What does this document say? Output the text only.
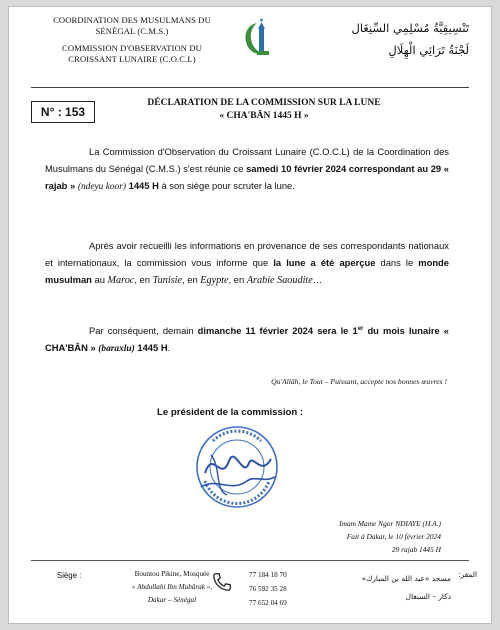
COORDINATION DES MUSULMANS DU
SÉNÉGAL (C.M.S.)
COMMISSION D'OBSERVATION DU
CROISSANT LUNAIRE (C.O.C.L)
تَنْسِيقِيَّةُ مُسْلِمِي السِّنِغَال
لَجْنَةُ تَرَائِي الْهِلَالِ
N° : 153
DÉCLARATION DE LA COMMISSION SUR LA LUNE
« CHA'BÂN 1445 H »
La Commission d'Observation du Croissant Lunaire (C.O.C.L) de la Coordination des Musulmans du Sénégal (C.M.S.) s'est réunie ce samedi 10 février 2024 correspondant au 29 « rajab » (ndeyu koor) 1445 H à son siège pour scruter la lune.
Après avoir recueilli les informations en provenance de ses correspondants nationaux et internationaux, la commission vous informe que la lune a été aperçue dans le monde musulman au Maroc, en Tunisie, en Egypte, en Arabie Saoudite…
Par conséquent, demain dimanche 11 février 2024 sera le 1er du mois lunaire « CHA'BÂN » (baraxlu) 1445 H.
Qu'Allâh, le Tout – Puissant, accepte nos bonnes œuvres !
Le président de la commission :
Imam Mame Ngor NDIAYE (H.A.)
Fait à Dakar, le 10 février 2024
29 rajab 1445 H
Siège :	Bountou Pikine, Mosquée
« Abdullahi Ibn Mubârak »,
Dakar – Sénégal
77 184 18 70
76 592 35 28
77 652 04 69
مسجد «عبد الله بن المبارك»
دكار – السنغال
المقر:
